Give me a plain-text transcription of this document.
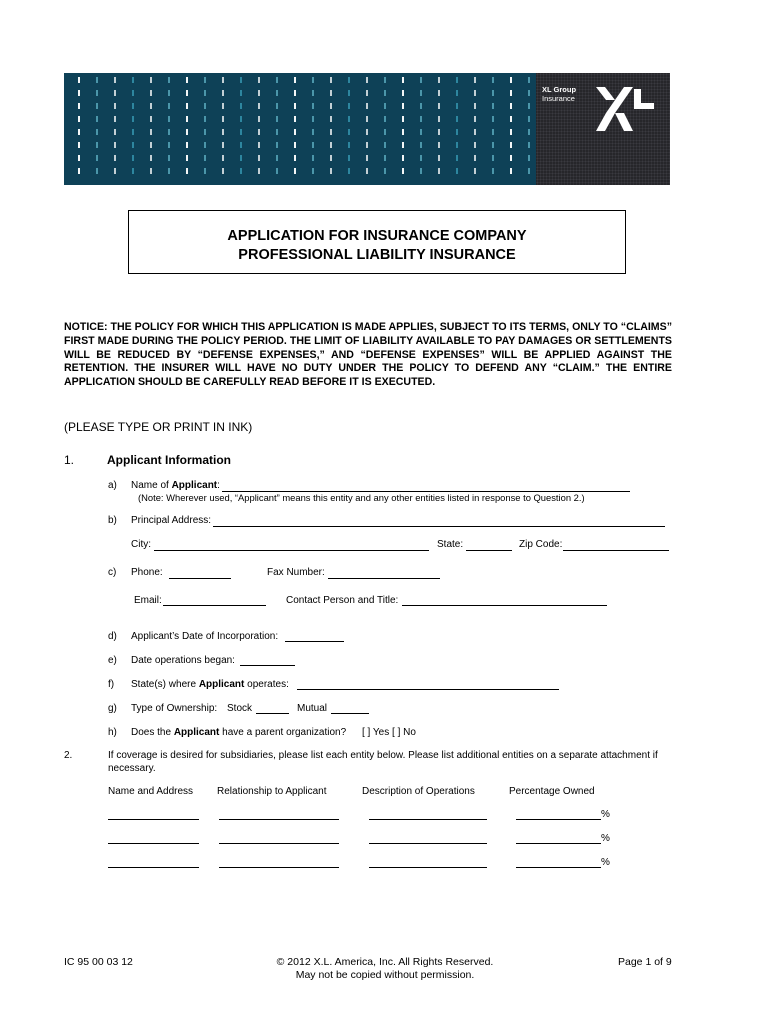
XL Group
Insurance
APPLICATION FOR INSURANCE COMPANY
PROFESSIONAL LIABILITY INSURANCE
NOTICE: THE POLICY FOR WHICH THIS APPLICATION IS MADE APPLIES, SUBJECT TO ITS TERMS, ONLY TO “CLAIMS” FIRST MADE DURING THE POLICY PERIOD. THE LIMIT OF LIABILITY AVAILABLE TO PAY DAMAGES OR SETTLEMENTS WILL BE REDUCED BY “DEFENSE EXPENSES,” AND “DEFENSE EXPENSES” WILL BE APPLIED AGAINST THE RETENTION. THE INSURER WILL HAVE NO DUTY UNDER THE POLICY TO DEFEND ANY “CLAIM.” THE ENTIRE APPLICATION SHOULD BE CAREFULLY READ BEFORE IT IS EXECUTED.
(PLEASE TYPE OR PRINT IN INK)
1.	Applicant Information
a) Name of Applicant:
(Note: Wherever used, “Applicant” means this entity and any other entities listed in response to Question 2.)
b) Principal Address:
City:	State:	Zip Code:
c) Phone:	Fax Number:
Email:	Contact Person and Title:
d) Applicant’s Date of Incorporation:
e) Date operations began:
f) State(s) where Applicant operates:
g) Type of Ownership: Stock	Mutual
h) Does the Applicant have a parent organization? [ ] Yes [ ] No
2.	If coverage is desired for subsidiaries, please list each entity below. Please list additional entities on a separate attachment if
necessary.
Name and Address Relationship to Applicant	Description of Operations	Percentage Owned
%
%
%
IC 95 00 03 12	© 2012 X.L. America, Inc. All Rights Reserved.
May not be copied without permission.
Page 1 of 9
